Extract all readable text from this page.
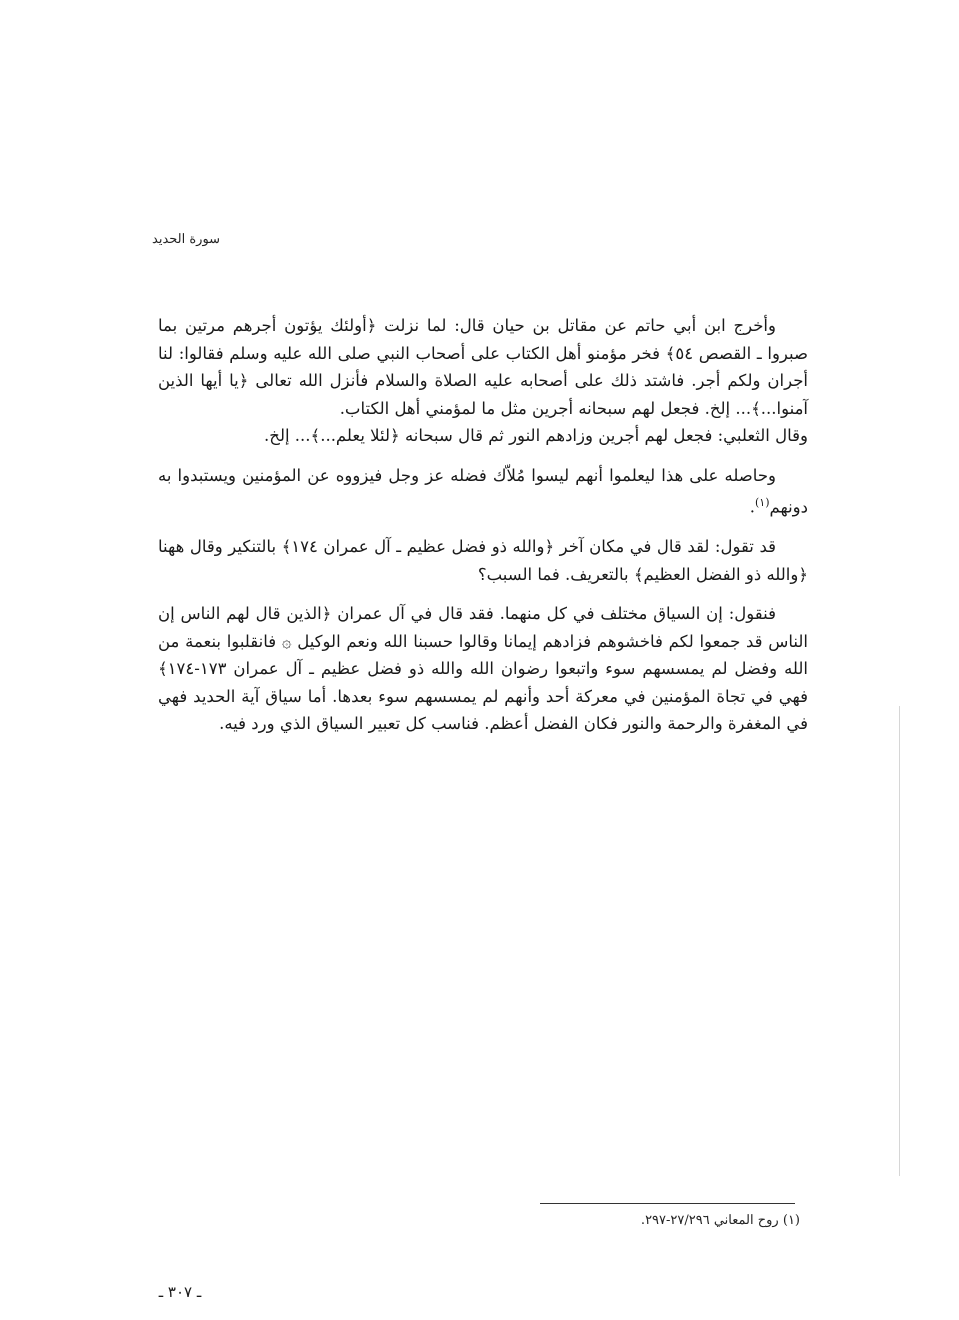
سورة الحديد

وأخرج ابن أبي حاتم عن مقاتل بن حيان قال: لما نزلت ﴿أولئك يؤتون أجرهم مرتين بما صبروا ـ القصص ٥٤﴾ فخر مؤمنو أهل الكتاب على أصحاب النبي صلى الله عليه وسلم فقالوا: لنا أجران ولكم أجر. فاشتد ذلك على أصحابه عليه الصلاة والسلام فأنزل الله تعالى ﴿يا أيها الذين آمنوا...﴾... إلخ. فجعل لهم سبحانه أجرين مثل ما لمؤمني أهل الكتاب.

وقال الثعلبي: فجعل لهم أجرين وزادهم النور ثم قال سبحانه ﴿لئلا يعلم...﴾... إلخ.

وحاصله على هذا ليعلموا أنهم ليسوا مُلاّك فضله عز وجل فيزووه عن المؤمنين ويستبدوا به دونهم$^{(١)}$.

قد تقول: لقد قال في مكان آخر ﴿والله ذو فضل عظيم ـ آل عمران ١٧٤﴾ بالتنكير وقال ههنا ﴿والله ذو الفضل العظيم﴾ بالتعريف. فما السبب؟

فنقول: إن السياق مختلف في كل منهما. فقد قال في آل عمران ﴿الذين قال لهم الناس إن الناس قد جمعوا لكم فاخشوهم فزادهم إيمانا وقالوا حسبنا الله ونعم الوكيل ۞ فانقلبوا بنعمة من الله وفضل لم يمسسهم سوء واتبعوا رضوان الله والله ذو فضل عظيم ـ آل عمران ١٧٣-١٧٤﴾ فهي في تجاة المؤمنين في معركة أحد وأنهم لم يمسسهم سوء بعدها. أما سياق آية الحديد فهي في المغفرة والرحمة والنور فكان الفضل أعظم. فناسب كل تعبير السياق الذي ورد فيه.

(١) روح المعاني ٢٧/٢٩٦-٢٩٧.
ـ ٣٠٧ ـ
